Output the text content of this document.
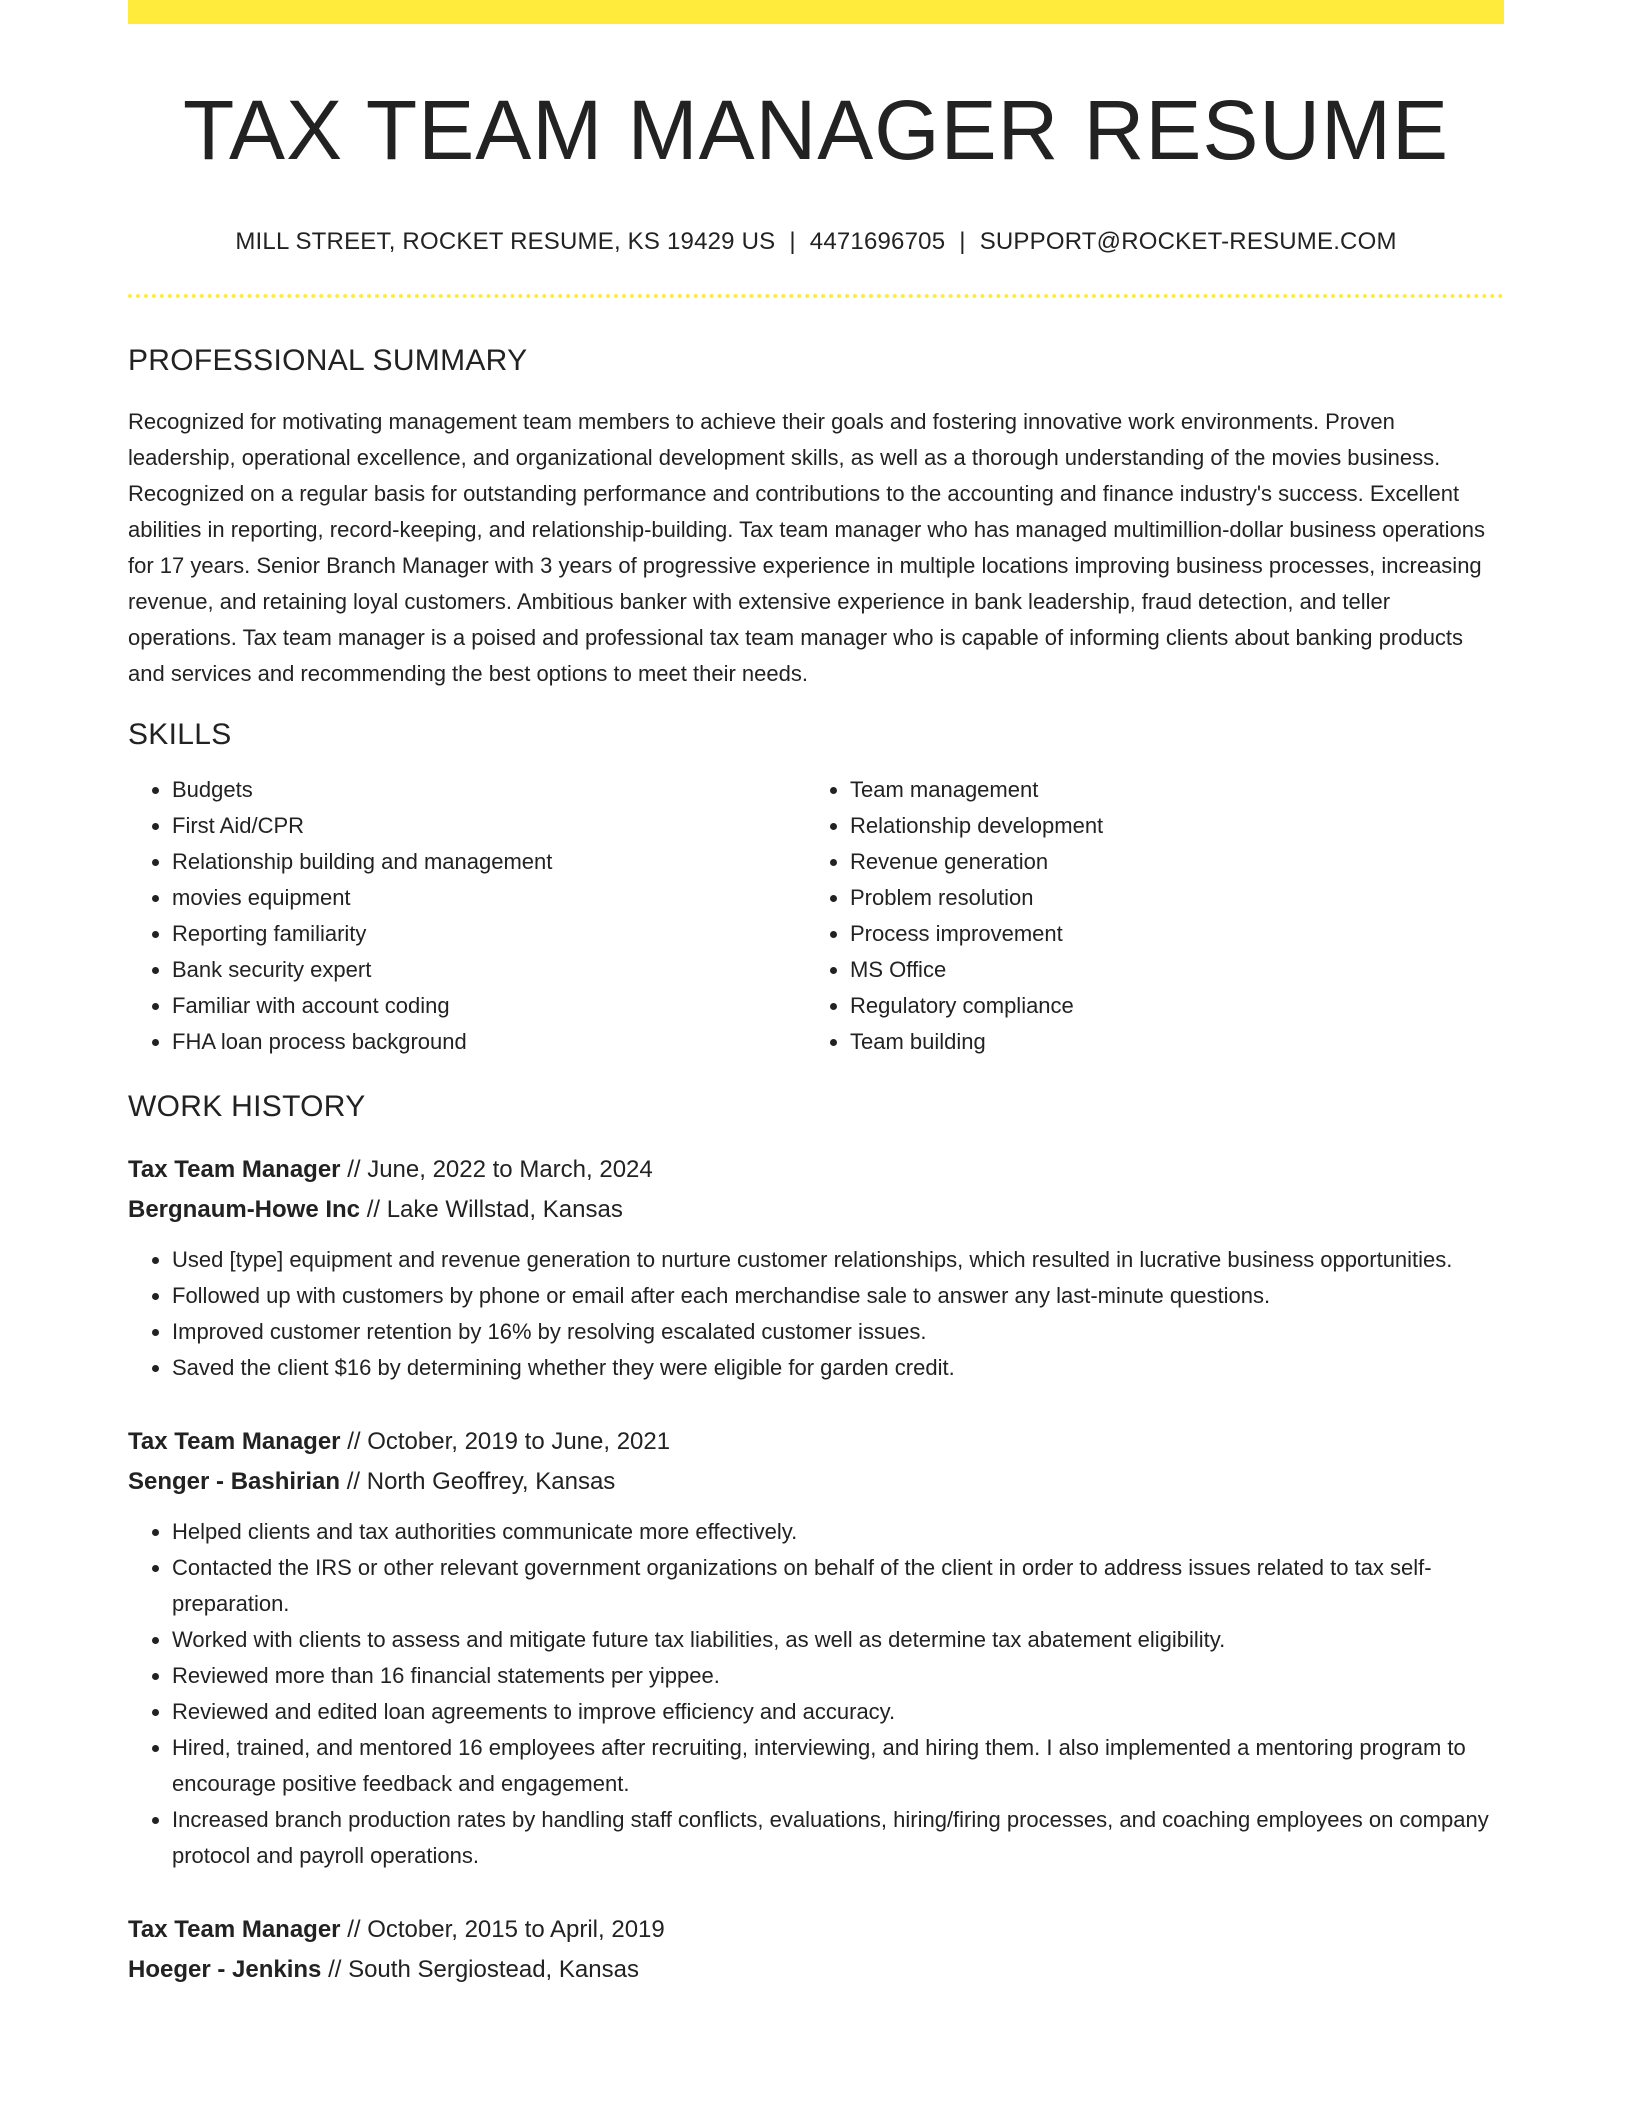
TAX TEAM MANAGER RESUME
MILL STREET, ROCKET RESUME, KS 19429 US | 4471696705 | SUPPORT@ROCKET-RESUME.COM
PROFESSIONAL SUMMARY

Recognized for motivating management team members to achieve their goals and fostering innovative work environments. Proven leadership, operational excellence, and organizational development skills, as well as a thorough understanding of the movies business. Recognized on a regular basis for outstanding performance and contributions to the accounting and finance industry's success. Excellent abilities in reporting, record-keeping, and relationship-building. Tax team manager who has managed multimillion-dollar business operations for 17 years. Senior Branch Manager with 3 years of progressive experience in multiple locations improving business processes, increasing revenue, and retaining loyal customers. Ambitious banker with extensive experience in bank leadership, fraud detection, and teller operations. Tax team manager is a poised and professional tax team manager who is capable of informing clients about banking products and services and recommending the best options to meet their needs.

SKILLS
• Budgets
• First Aid/CPR
• Relationship building and management
• movies equipment
• Reporting familiarity
• Bank security expert
• Familiar with account coding
• FHA loan process background
• Team management
• Relationship development
• Revenue generation
• Problem resolution
• Process improvement
• MS Office
• Regulatory compliance
• Team building
WORK HISTORY
Tax Team Manager // June, 2022 to March, 2024
Bergnaum-Howe Inc // Lake Willstad, Kansas
• Used [type] equipment and revenue generation to nurture customer relationships, which resulted in lucrative business opportunities.
• Followed up with customers by phone or email after each merchandise sale to answer any last-minute questions.
• Improved customer retention by 16% by resolving escalated customer issues.
• Saved the client $16 by determining whether they were eligible for garden credit.
Tax Team Manager // October, 2019 to June, 2021
Senger - Bashirian // North Geoffrey, Kansas
• Helped clients and tax authorities communicate more effectively.
• Contacted the IRS or other relevant government organizations on behalf of the client in order to address issues related to tax self-preparation.
• Worked with clients to assess and mitigate future tax liabilities, as well as determine tax abatement eligibility.
• Reviewed more than 16 financial statements per yippee.
• Reviewed and edited loan agreements to improve efficiency and accuracy.
• Hired, trained, and mentored 16 employees after recruiting, interviewing, and hiring them. I also implemented a mentoring program to encourage positive feedback and engagement.
• Increased branch production rates by handling staff conflicts, evaluations, hiring/firing processes, and coaching employees on company protocol and payroll operations.
Tax Team Manager // October, 2015 to April, 2019
Hoeger - Jenkins // South Sergiostead, Kansas
